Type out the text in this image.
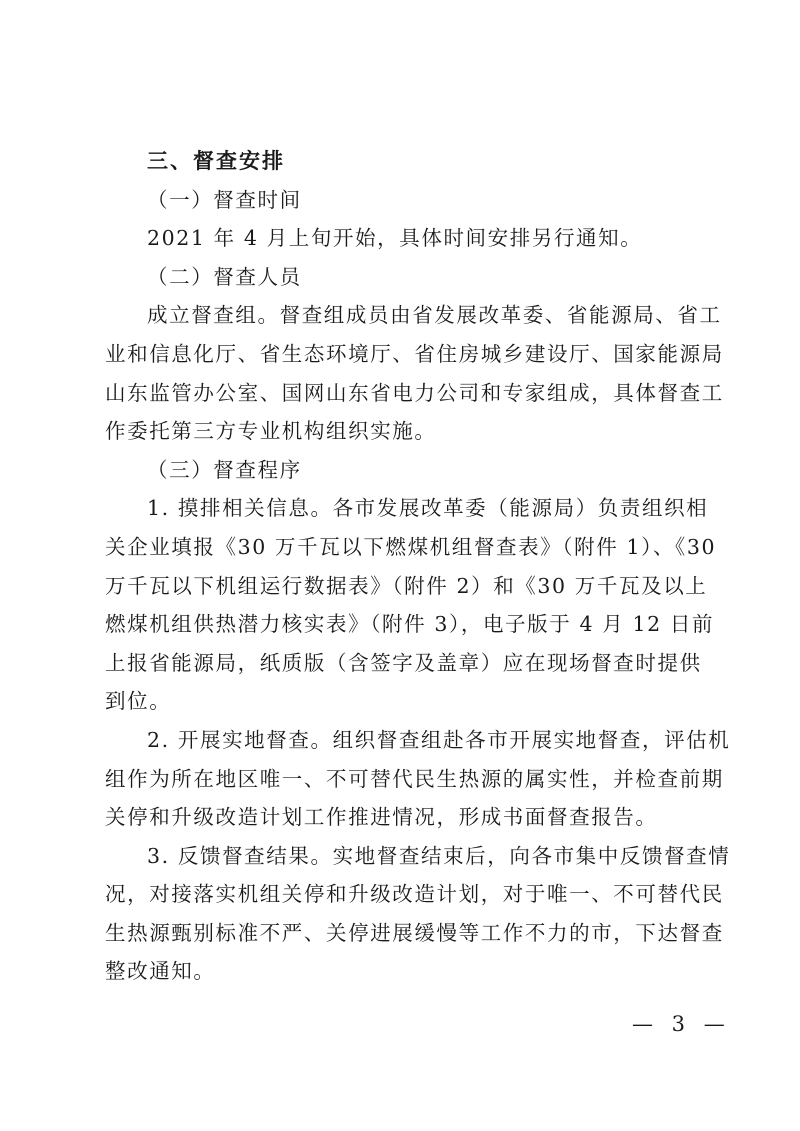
三、督查安排
（一）督查时间
2021 年 4 月上旬开始，具体时间安排另行通知。
（二）督查人员
成立督查组。督查组成员由省发展改革委、省能源局、省工
业和信息化厅、省生态环境厅、省住房城乡建设厅、国家能源局
山东监管办公室、国网山东省电力公司和专家组成，具体督查工
作委托第三方专业机构组织实施。
（三）督查程序
1. 摸排相关信息。各市发展改革委（能源局）负责组织相
关企业填报《30 万千瓦以下燃煤机组督查表》（附件 1）、《30
万千瓦以下机组运行数据表》（附件 2）和《30 万千瓦及以上
燃煤机组供热潜力核实表》（附件 3），电子版于 4 月 12 日前
上报省能源局，纸质版（含签字及盖章）应在现场督查时提供
到位。
2. 开展实地督查。组织督查组赴各市开展实地督查，评估机
组作为所在地区唯一、不可替代民生热源的属实性，并检查前期
关停和升级改造计划工作推进情况，形成书面督查报告。
3. 反馈督查结果。实地督查结束后，向各市集中反馈督查情
况，对接落实机组关停和升级改造计划，对于唯一、不可替代民
生热源甄别标准不严、关停进展缓慢等工作不力的市，下达督查
整改通知。
— 3 —
